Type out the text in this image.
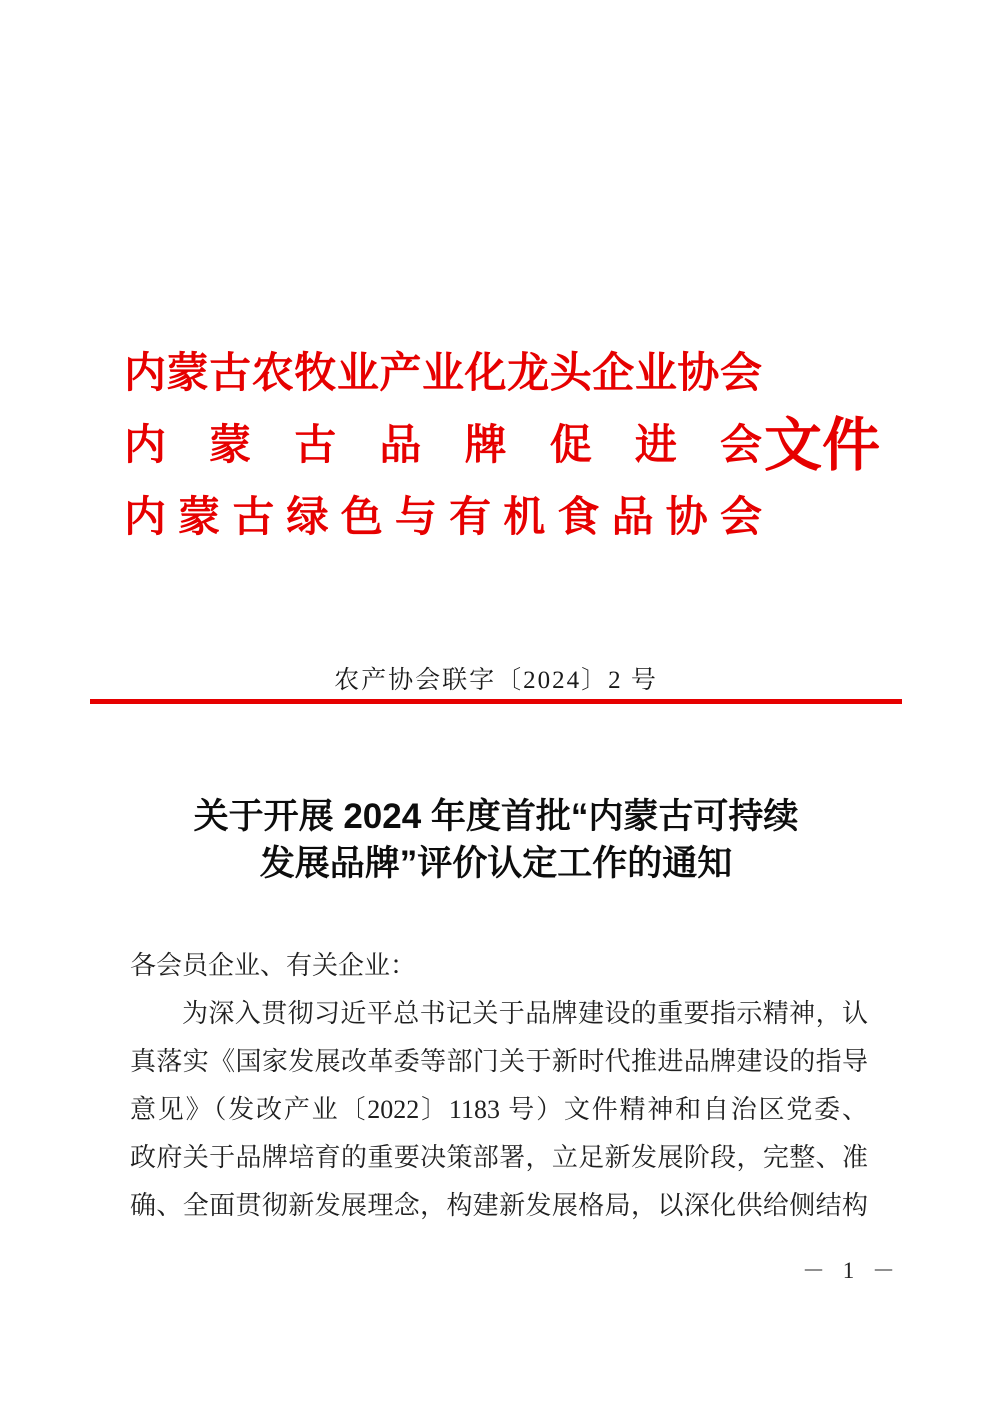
内蒙古农牧业产业化龙头企业协会
内蒙古品牌促进会
内蒙古绿色与有机食品协会
文件
农产协会联字〔2024〕2 号
关于开展 2024 年度首批“内蒙古可持续
发展品牌”评价认定工作的通知
各会员企业、有关企业：
为深入贯彻习近平总书记关于品牌建设的重要指示精神，认
真落实《国家发展改革委等部门关于新时代推进品牌建设的指导
意见》（发改产业〔2022〕1183 号）文件精神和自治区党委、
政府关于品牌培育的重要决策部署，立足新发展阶段，完整、准
确、全面贯彻新发展理念，构建新发展格局，以深化供给侧结构
－ 1 －
